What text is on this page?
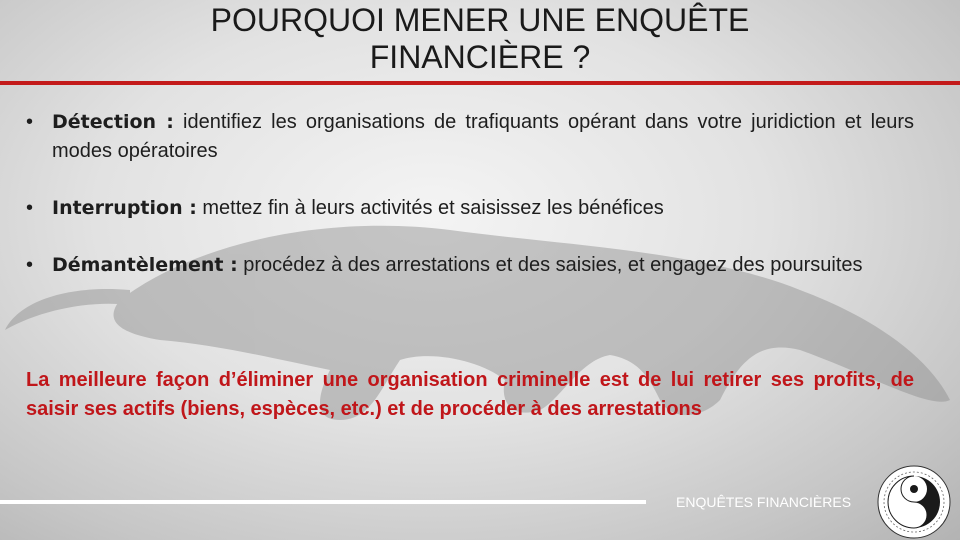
POURQUOI MENER UNE ENQUÊTE
FINANCIÈRE ?
• Détection : identifiez les organisations de trafiquants opérant dans votre juridiction et leurs modes opératoires
• Interruption : mettez fin à leurs activités et saisissez les bénéfices
• Démantèlement : procédez à des arrestations et des saisies, et engagez des poursuites

La meilleure façon d’éliminer une organisation criminelle est de lui retirer ses profits, de saisir ses actifs (biens, espèces, etc.) et de procéder à des arrestations

ENQUÊTES FINANCIÈRES
